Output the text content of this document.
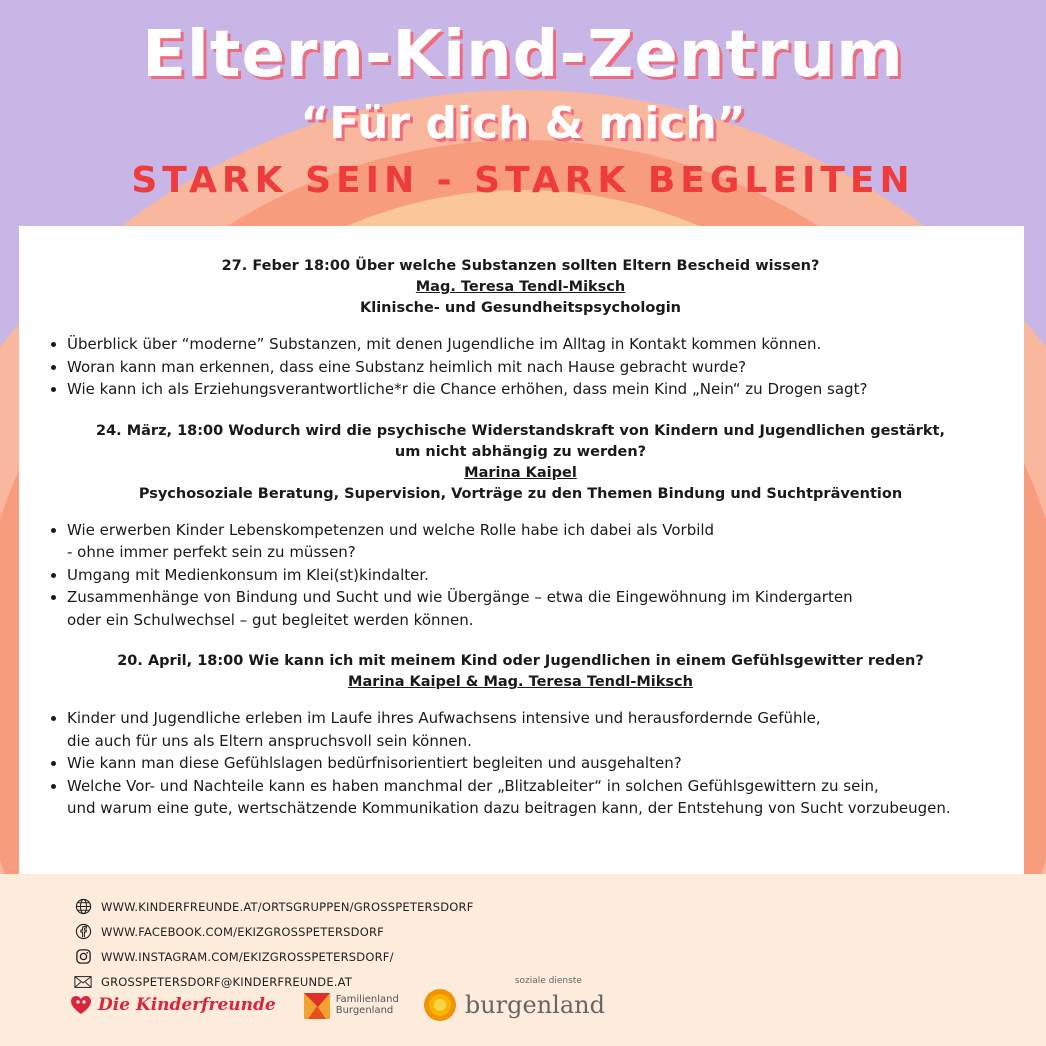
Eltern-Kind-Zentrum
“Für dich & mich”
STARK SEIN - STARK BEGLEITEN
27. Feber 18:00 Über welche Substanzen sollten Eltern Bescheid wissen?
Mag. Teresa Tendl-Miksch
Klinische- und Gesundheitspsychologin
• Überblick über “moderne” Substanzen, mit denen Jugendliche im Alltag in Kontakt kommen können.
• Woran kann man erkennen, dass eine Substanz heimlich mit nach Hause gebracht wurde?
• Wie kann ich als Erziehungsverantwortliche*r die Chance erhöhen, dass mein Kind „Nein“ zu Drogen sagt?
24. März, 18:00 Wodurch wird die psychische Widerstandskraft von Kindern und Jugendlichen gestärkt,
um nicht abhängig zu werden?
Marina Kaipel
Psychosoziale Beratung, Supervision, Vorträge zu den Themen Bindung und Suchtprävention
• Wie erwerben Kinder Lebenskompetenzen und welche Rolle habe ich dabei als Vorbild
- ohne immer perfekt sein zu müssen?
• Umgang mit Medienkonsum im Klei(st)kindalter.
• Zusammenhänge von Bindung und Sucht und wie Übergänge – etwa die Eingewöhnung im Kindergarten
oder ein Schulwechsel – gut begleitet werden können.
20. April, 18:00 Wie kann ich mit meinem Kind oder Jugendlichen in einem Gefühlsgewitter reden?
Marina Kaipel & Mag. Teresa Tendl-Miksch
• Kinder und Jugendliche erleben im Laufe ihres Aufwachsens intensive und herausfordernde Gefühle,
die auch für uns als Eltern anspruchsvoll sein können.
• Wie kann man diese Gefühlslagen bedürfnisorientiert begleiten und ausgehalten?
• Welche Vor- und Nachteile kann es haben manchmal der „Blitzableiter“ in solchen Gefühlsgewittern zu sein,
und warum eine gute, wertschätzende Kommunikation dazu beitragen kann, der Entstehung von Sucht vorzubeugen.
WWW.KINDERFREUNDE.AT/ORTSGRUPPEN/GROSSPETERSDORF
WWW.FACEBOOK.COM/EKIZGROSSPETERSDORF
WWW.INSTAGRAM.COM/EKIZGROSSPETERSDORF/
GROSSPETERSDORF@KINDERFREUNDE.AT
Die Kinderfreunde	Familienland
Burgenland
soziale dienste
burgenland
